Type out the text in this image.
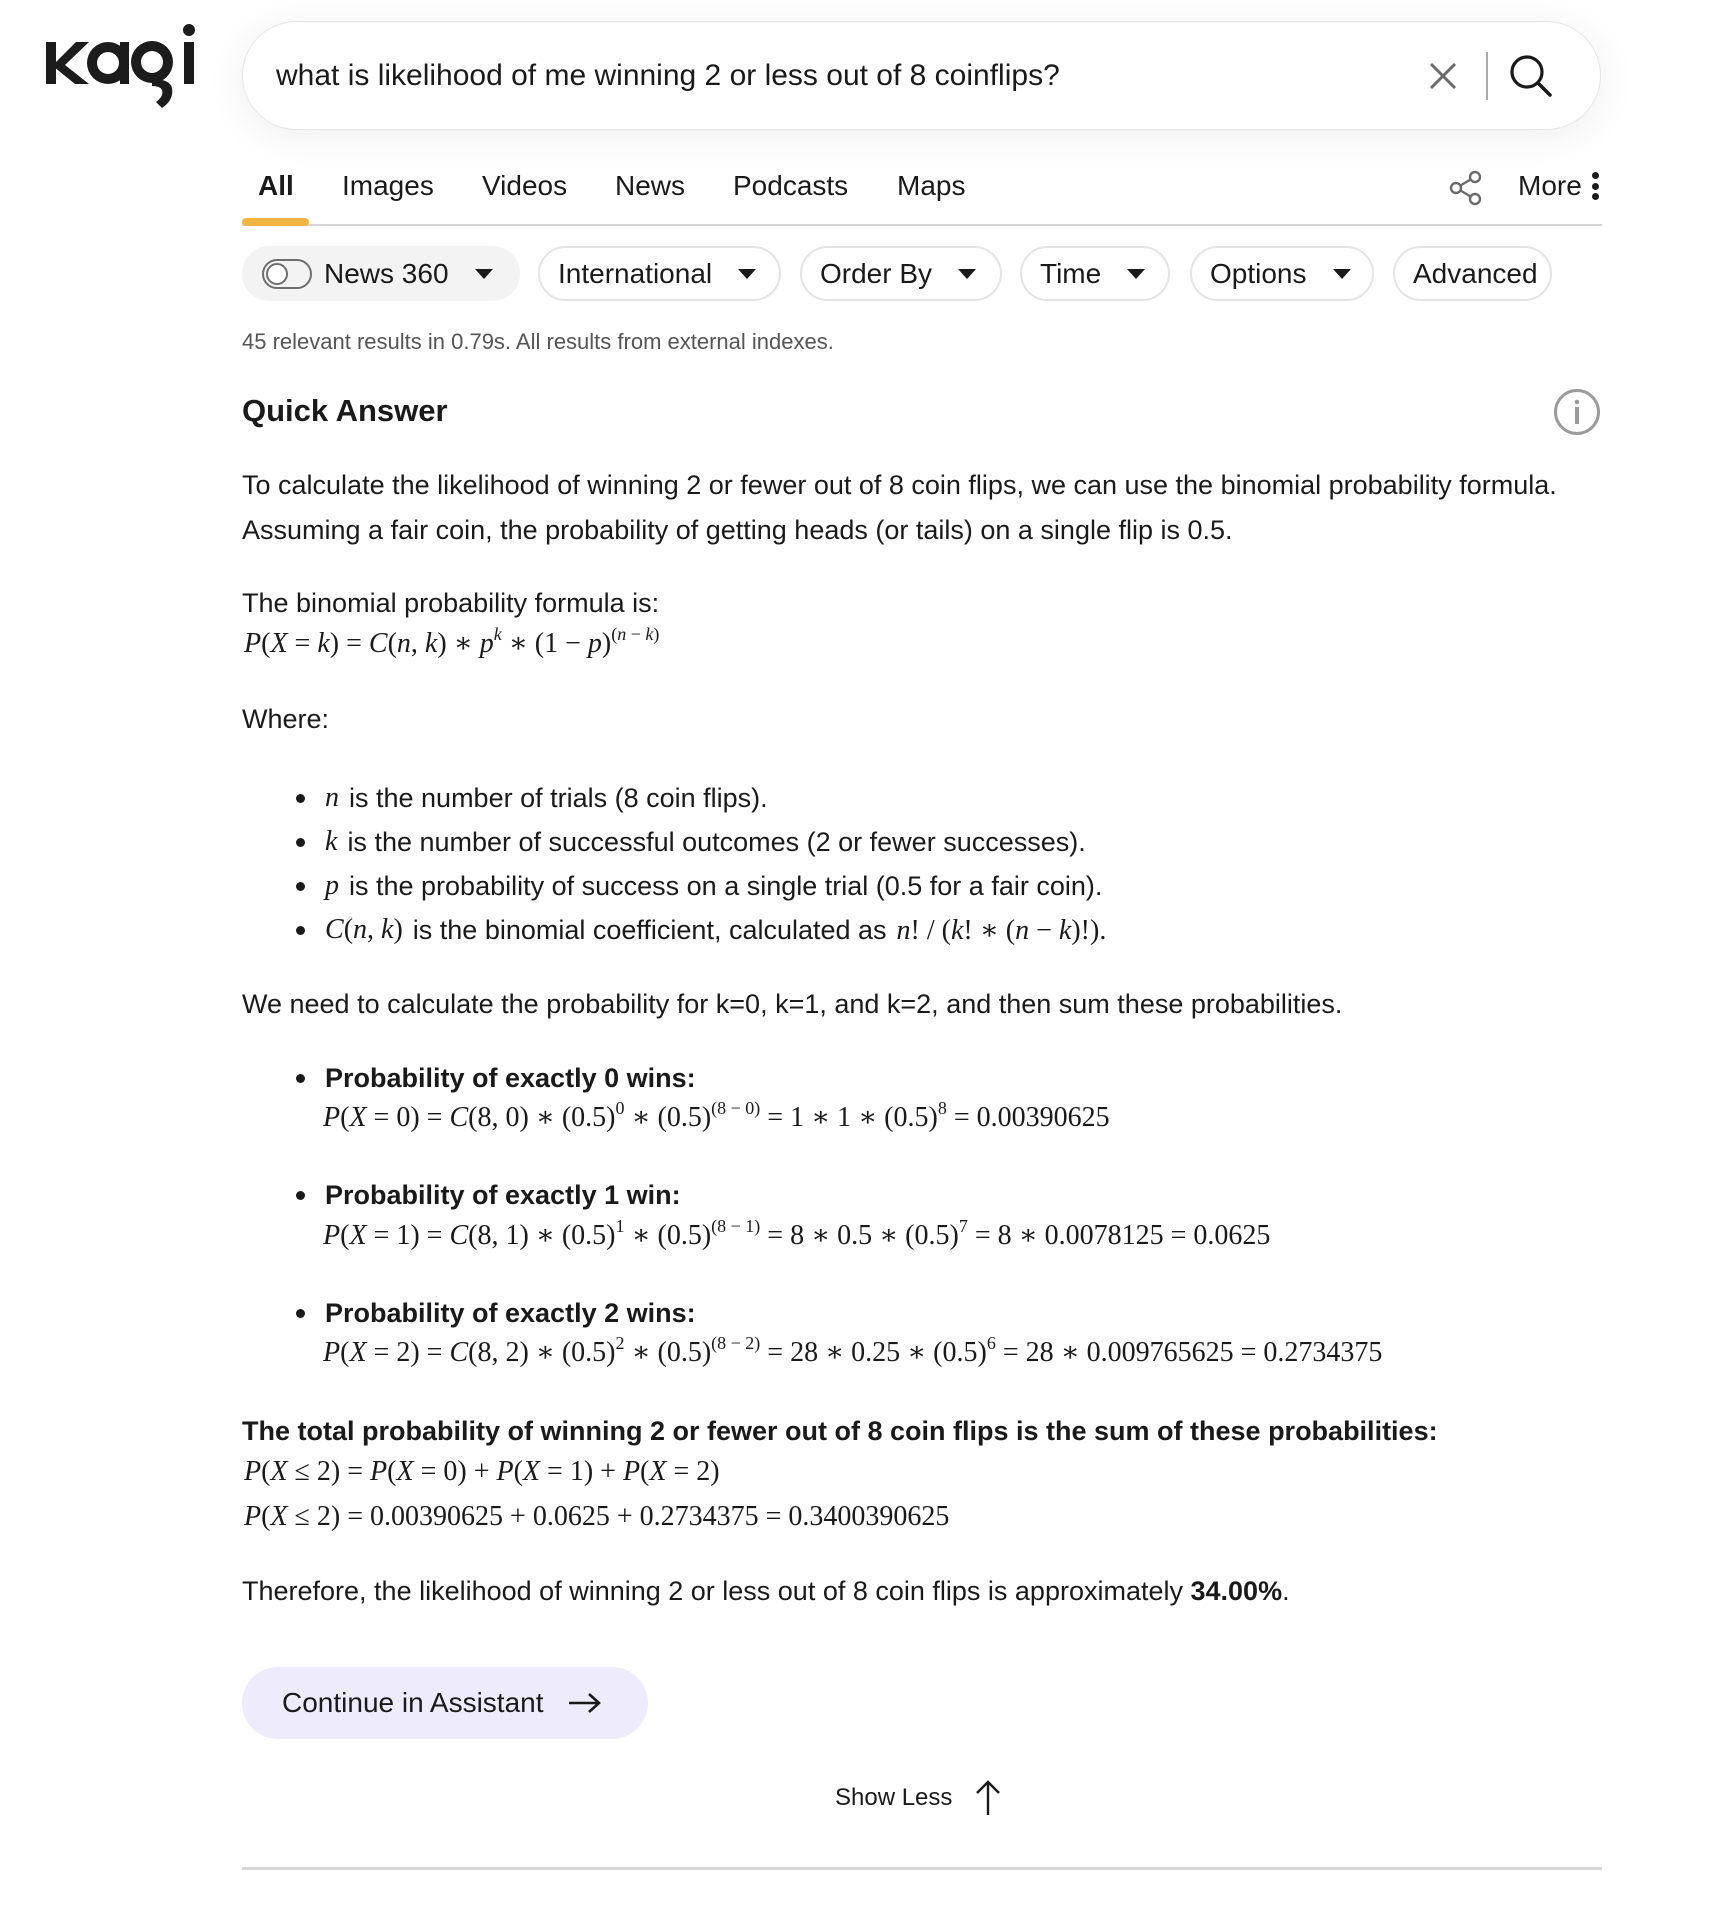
what is likelihood of me winning 2 or less out of 8 coinflips?
All Images Videos News Podcasts Maps	More
News 360	International	Order By	Time	Options	Advanced
45 relevant results in 0.79s. All results from external indexes.
Quick Answer
To calculate the likelihood of winning 2 or fewer out of 8 coin flips, we can use the binomial probability formula. Assuming a fair coin, the probability of getting heads (or tails) on a single flip is 0.5.
The binomial probability formula is:
P(X = k) = C(n, k) ∗ $p^k$ ∗ $(1 - p)^{(n - k)}$
Where:
n is the number of trials (8 coin flips).
k is the number of successful outcomes (2 or fewer successes).
p is the probability of success on a single trial (0.5 for a fair coin).
C(n, k) is the binomial coefficient, calculated as n! / (k! ∗ (n − k)!).
We need to calculate the probability for k=0, k=1, and k=2, and then sum these probabilities.
Probability of exactly 0 wins:
P(X = 0) = C(8, 0) ∗ $(0.5)^0$ ∗ $(0.5)^{(8 - 0)} = 1$ ∗ 1 ∗ $(0.5)^8 = 0.00390625$
Probability of exactly 1 win:
P(X = 1) = C(8, 1) ∗ $(0.5)^1$ ∗ $(0.5)^{(8 - 1)} = 8$ ∗ 0.5 ∗ $(0.5)^7 = 8$ ∗ 0.0078125 = 0.0625
Probability of exactly 2 wins:
P(X = 2) = C(8, 2) ∗ $(0.5)^2$ ∗ $(0.5)^{(8 - 2)} = 28$ ∗ 0.25 ∗ $(0.5)^6 = 28$ ∗ 0.009765625 = 0.2734375
The total probability of winning 2 or fewer out of 8 coin flips is the sum of these probabilities:
P(X ≤ 2) = P(X = 0) + P(X = 1) + P(X = 2)
P(X ≤ 2) = 0.00390625 + 0.0625 + 0.2734375 = 0.3400390625
Therefore, the likelihood of winning 2 or less out of 8 coin flips is approximately 34.00%.
Continue in Assistant
Show Less
